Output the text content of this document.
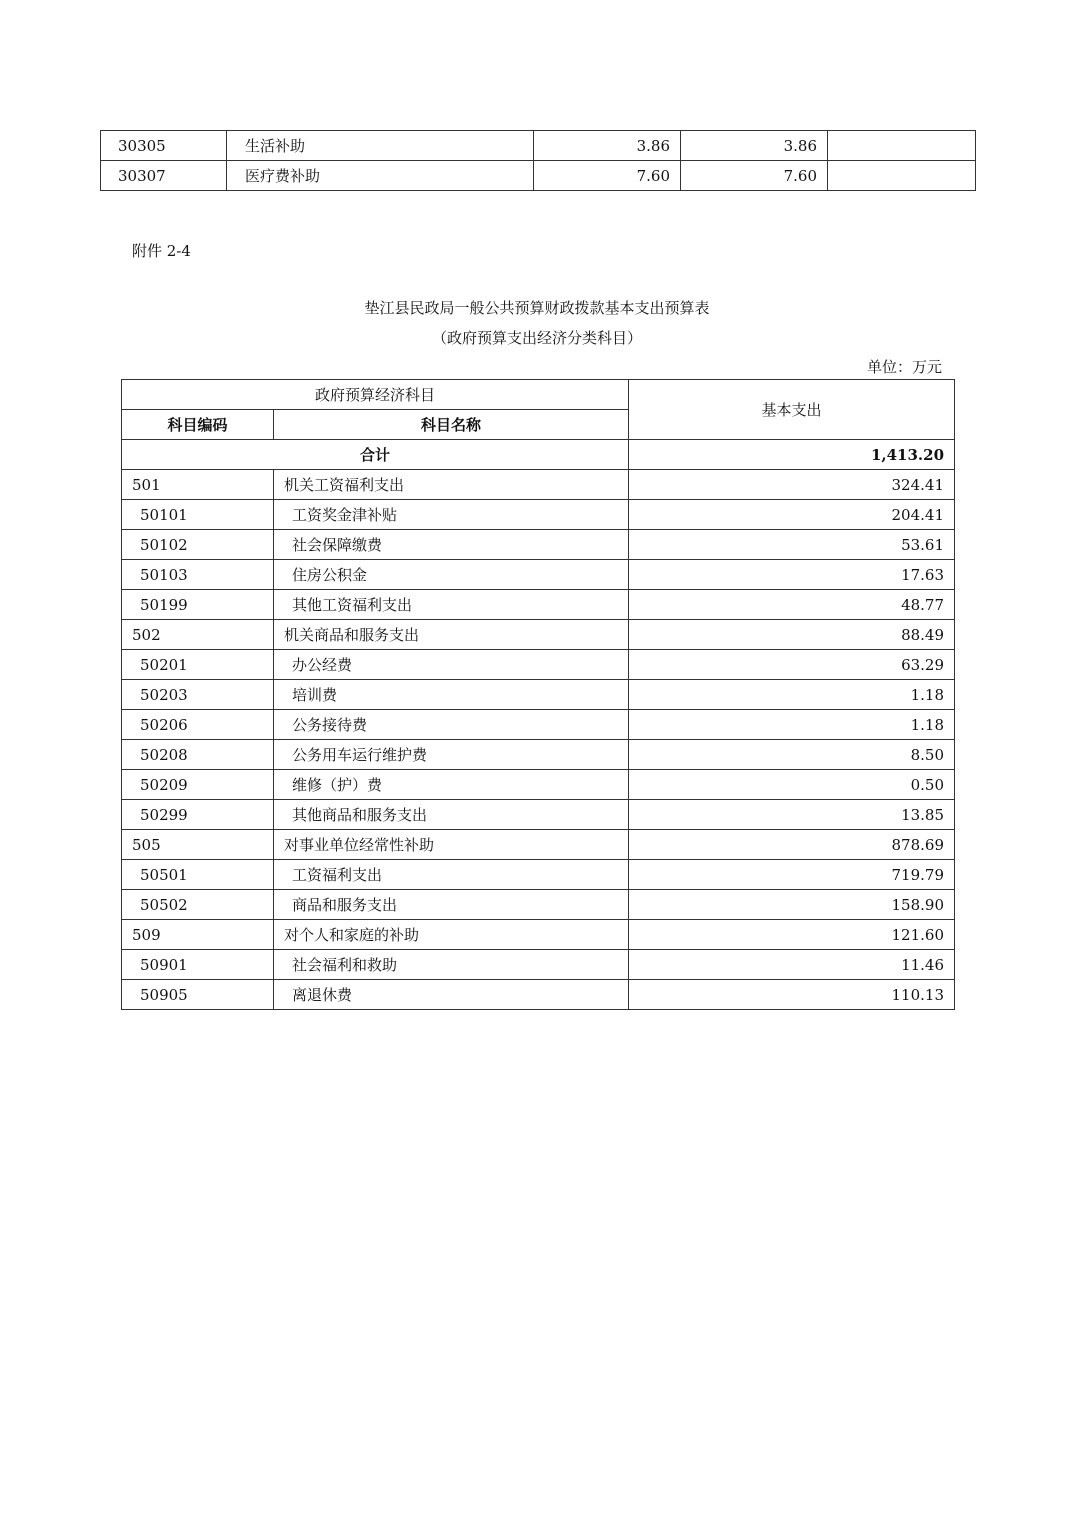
30305	生活补助	3.86	3.86	
30307	医疗费补助	7.60	7.60	
附件 2-4
垫江县民政局一般公共预算财政拨款基本支出预算表
（政府预算支出经济分类科目）
单位：万元
政府预算经济科目		基本支出
科目编码	科目名称	
合计		1,413.20
501	机关工资福利支出	324.41
50101	工资奖金津补贴	204.41
50102	社会保障缴费	53.61
50103	住房公积金	17.63
50199	其他工资福利支出	48.77
502	机关商品和服务支出	88.49
50201	办公经费	63.29
50203	培训费	1.18
50206	公务接待费	1.18
50208	公务用车运行维护费	8.50
50209	维修（护）费	0.50
50299	其他商品和服务支出	13.85
505	对事业单位经常性补助	878.69
50501	工资福利支出	719.79
50502	商品和服务支出	158.90
509	对个人和家庭的补助	121.60
50901	社会福利和救助	11.46
50905	离退休费	110.13
